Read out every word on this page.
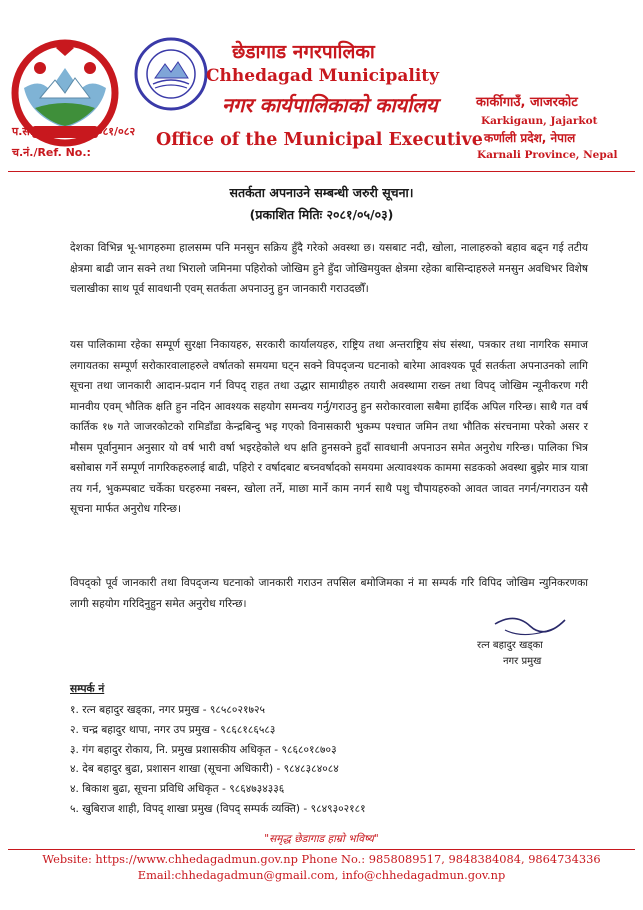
छेडागाड नगरपालिका
Chhedagad Municipality
नगर कार्यपालिकाको कार्यालय
Office of the Municipal Executive
कार्कीगाउँ, जाजरकोट
Karkigaun, Jajarkot
कर्णाली प्रदेश, नेपाल
Karnali Province, Nepal
प.सं./Let. No.:२०८१/०८२
च.नं./Ref. No.:
सतर्कता अपनाउने सम्बन्धी जरुरी सूचना।
(प्रकाशित मितिः २०८१/०५/०३)
देशका विभिन्न भू-भागहरुमा हालसम्म पनि मनसुन सक्रिय हुँदै गरेको अवस्था छ। यसबाट नदी, खोला, नालाहरुको बहाव बढ्न गई तटीय क्षेत्रमा बाढी जान सक्ने तथा भिरालो जमिनमा पहिरोको जोखिम हुने हुँदा जोखिमयुक्त क्षेत्रमा रहेका बासिन्दाहरुले मनसुन अवधिभर विशेष चलाखीका साथ पूर्व सावधानी एवम् सतर्कता अपनाउनु हुन जानकारी गराउदछौँ।
यस पालिकामा रहेका सम्पूर्ण सुरक्षा निकायहरु, सरकारी कार्यालयहरु, राष्ट्रिय तथा अन्तराष्ट्रिय संघ संस्था, पत्रकार तथा नागरिक समाज लगायतका सम्पूर्ण सरोकारवालाहरुले वर्षातको समयमा घट्न सक्ने विपद्जन्य घटनाको बारेमा आवश्यक पूर्व सतर्कता अपनाउनको लागि सूचना तथा जानकारी आदान-प्रदान गर्न विपद् राहत तथा उद्धार सामाग्रीहरु तयारी अवस्थामा राख्न तथा विपद् जोखिम न्यूनीकरण गरी मानवीय एवम् भौतिक क्षति हुन नदिन आवश्यक सहयोग समन्वय गर्नु/गराउनु हुन सरोकारवाला सबैमा हार्दिक अपिल गरिन्छ। साथै गत वर्ष कार्तिक १७ गते जाजरकोटको रामिडाँडा केन्द्रबिन्दु भइ गएको विनासकारी भुकम्प पश्चात जमिन तथा भौतिक संरचनामा परेको असर र मौसम पूर्वानुमान अनुसार यो वर्ष भारी वर्षा भइरहेकोले थप क्षति हुनसक्ने हुदाँ सावधानी अपनाउन समेत अनुरोध गरिन्छ। पालिका भित्र बसोबास गर्ने सम्पूर्ण नागरिकहरुलाई बाढी, पहिरो र वर्षादबाट बच्नवर्षादको समयमा अत्यावश्यक काममा सडकको अवस्था बुझेर मात्र यात्रा तय गर्न, भुकम्पबाट चर्केका घरहरुमा नबस्न, खोला तर्ने, माछा मार्ने काम नगर्न साथै पशु चौपायहरुको आवत जावत नगर्न/नगराउन यसै सूचना मार्फत अनुरोध गरिन्छ।
विपद्को पूर्व जानकारी तथा विपद्जन्य घटनाको जानकारी गराउन तपसिल बमोजिमका नं मा सम्पर्क गरि विपिद जोखिम न्युनिकरणका लागी सहयोग गरिदिनुहुन समेत अनुरोध गरिन्छ।
रत्न बहादुर खड्का
नगर प्रमुख
सम्पर्क नं
१. रत्न बहादुर खड्का, नगर प्रमुख - ९८५८०२१७२५
२. चन्द्र बहादुर थापा, नगर उप प्रमुख - ९८६८१८६५८३
३. गंग बहादुर रोकाय, नि. प्रमुख प्रशासकीय अधिकृत - ९८६८०१८७०३
४. देब बहादुर बुढा, प्रशासन शाखा (सूचना अधिकारी) - ९८४८३८४०८४
४. बिकाश बुढा, सूचना प्रविधि अधिकृत - ९८६४७३४३३६
५. खुबिराज शाही, विपद् शाखा प्रमुख (विपद् सम्पर्क व्यक्ति) - ९८४९३०२१८१
"समृद्ध छेडागाड हाम्रो भविष्य"
Website: https://www.chhedagadmun.gov.np Phone No.: 9858089517, 9848384084, 9864734336
Email:chhedagadmun@gmail.com, info@chhedagadmun.gov.np
